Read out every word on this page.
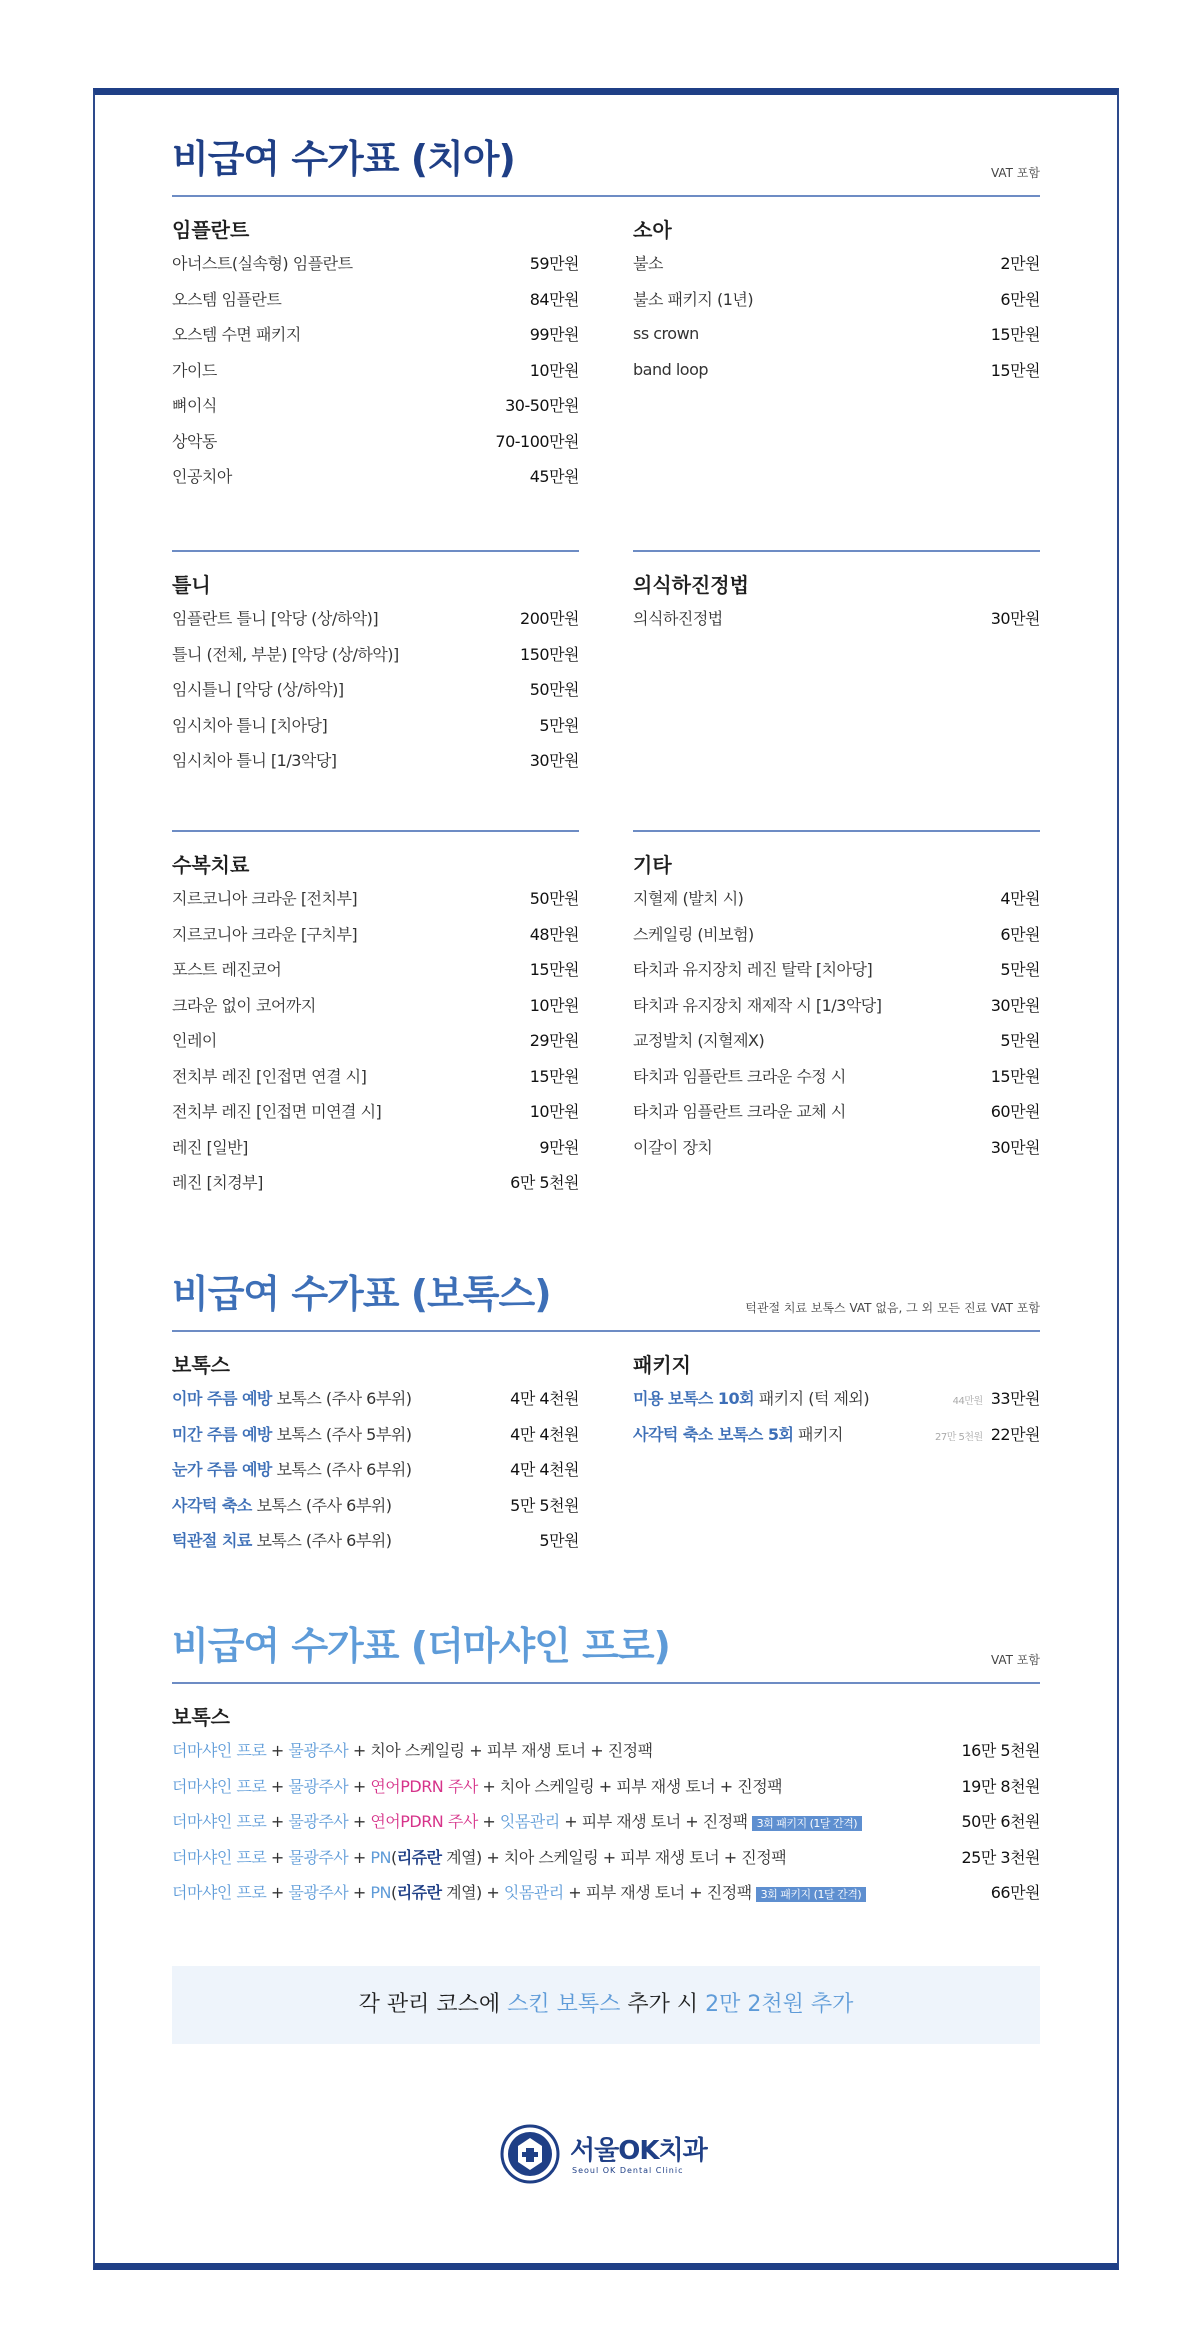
비급여 수가표 (치아)	VAT 포함
임플란트
아너스트(실속형) 임플란트	59만원
오스템 임플란트	84만원
오스템 수면 패키지	99만원
가이드	10만원
뼈이식	30-50만원
상악동	70-100만원
인공치아	45만원
소아
불소	2만원
불소 패키지 (1년)	6만원
ss crown	15만원
band loop	15만원
틀니
임플란트 틀니 [악당 (상/하악)]	200만원
틀니 (전체, 부분) [악당 (상/하악)]	150만원
임시틀니 [악당 (상/하악)]	50만원
임시치아 틀니 [치아당]	5만원
임시치아 틀니 [1/3악당]	30만원
의식하진정법
의식하진정법	30만원
수복치료
지르코니아 크라운 [전치부]	50만원
지르코니아 크라운 [구치부]	48만원
포스트 레진코어	15만원
크라운 없이 코어까지	10만원
인레이	29만원
전치부 레진 [인접면 연결 시]	15만원
전치부 레진 [인접면 미연결 시]	10만원
레진 [일반]	9만원
레진 [치경부]	6만 5천원
기타
지혈제 (발치 시)	4만원
스케일링 (비보험)	6만원
타치과 유지장치 레진 탈락 [치아당]	5만원
타치과 유지장치 재제작 시 [1/3악당]	30만원
교정발치 (지혈제X)	5만원
타치과 임플란트 크라운 수정 시	15만원
타치과 임플란트 크라운 교체 시	60만원
이갈이 장치	30만원
비급여 수가표 (보톡스)	턱관절 치료 보톡스 VAT 없음, 그 외 모든 진료 VAT 포함
보톡스
이마 주름 예방 보톡스 (주사 6부위)	4만 4천원
미간 주름 예방 보톡스 (주사 5부위)	4만 4천원
눈가 주름 예방 보톡스 (주사 6부위)	4만 4천원
사각턱 축소 보톡스 (주사 6부위)	5만 5천원
턱관절 치료 보톡스 (주사 6부위)	5만원
패키지
미용 보톡스 10회 패키지 (턱 제외)	44만원 33만원
사각턱 축소 보톡스 5회 패키지	27만 5천원 22만원
비급여 수가표 (더마샤인 프로)	VAT 포함
보톡스
더마샤인 프로 + 물광주사 + 치아 스케일링 + 피부 재생 토너 + 진정팩	16만 5천원
더마샤인 프로 + 물광주사 + 연어PDRN 주사 + 치아 스케일링 + 피부 재생 토너 + 진정팩	19만 8천원
더마샤인 프로 + 물광주사 + 연어PDRN 주사 + 잇몸관리 + 피부 재생 토너 + 진정팩 3회 패키지 (1달 간격)	50만 6천원
더마샤인 프로 + 물광주사 + PN(리쥬란 계열) + 치아 스케일링 + 피부 재생 토너 + 진정팩	25만 3천원
더마샤인 프로 + 물광주사 + PN(리쥬란 계열) + 잇몸관리 + 피부 재생 토너 + 진정팩 3회 패키지 (1달 간격)	66만원
각 관리 코스에 스킨 보톡스 추가 시 2만 2천원 추가
서울OK치과
Seoul OK Dental Clinic
